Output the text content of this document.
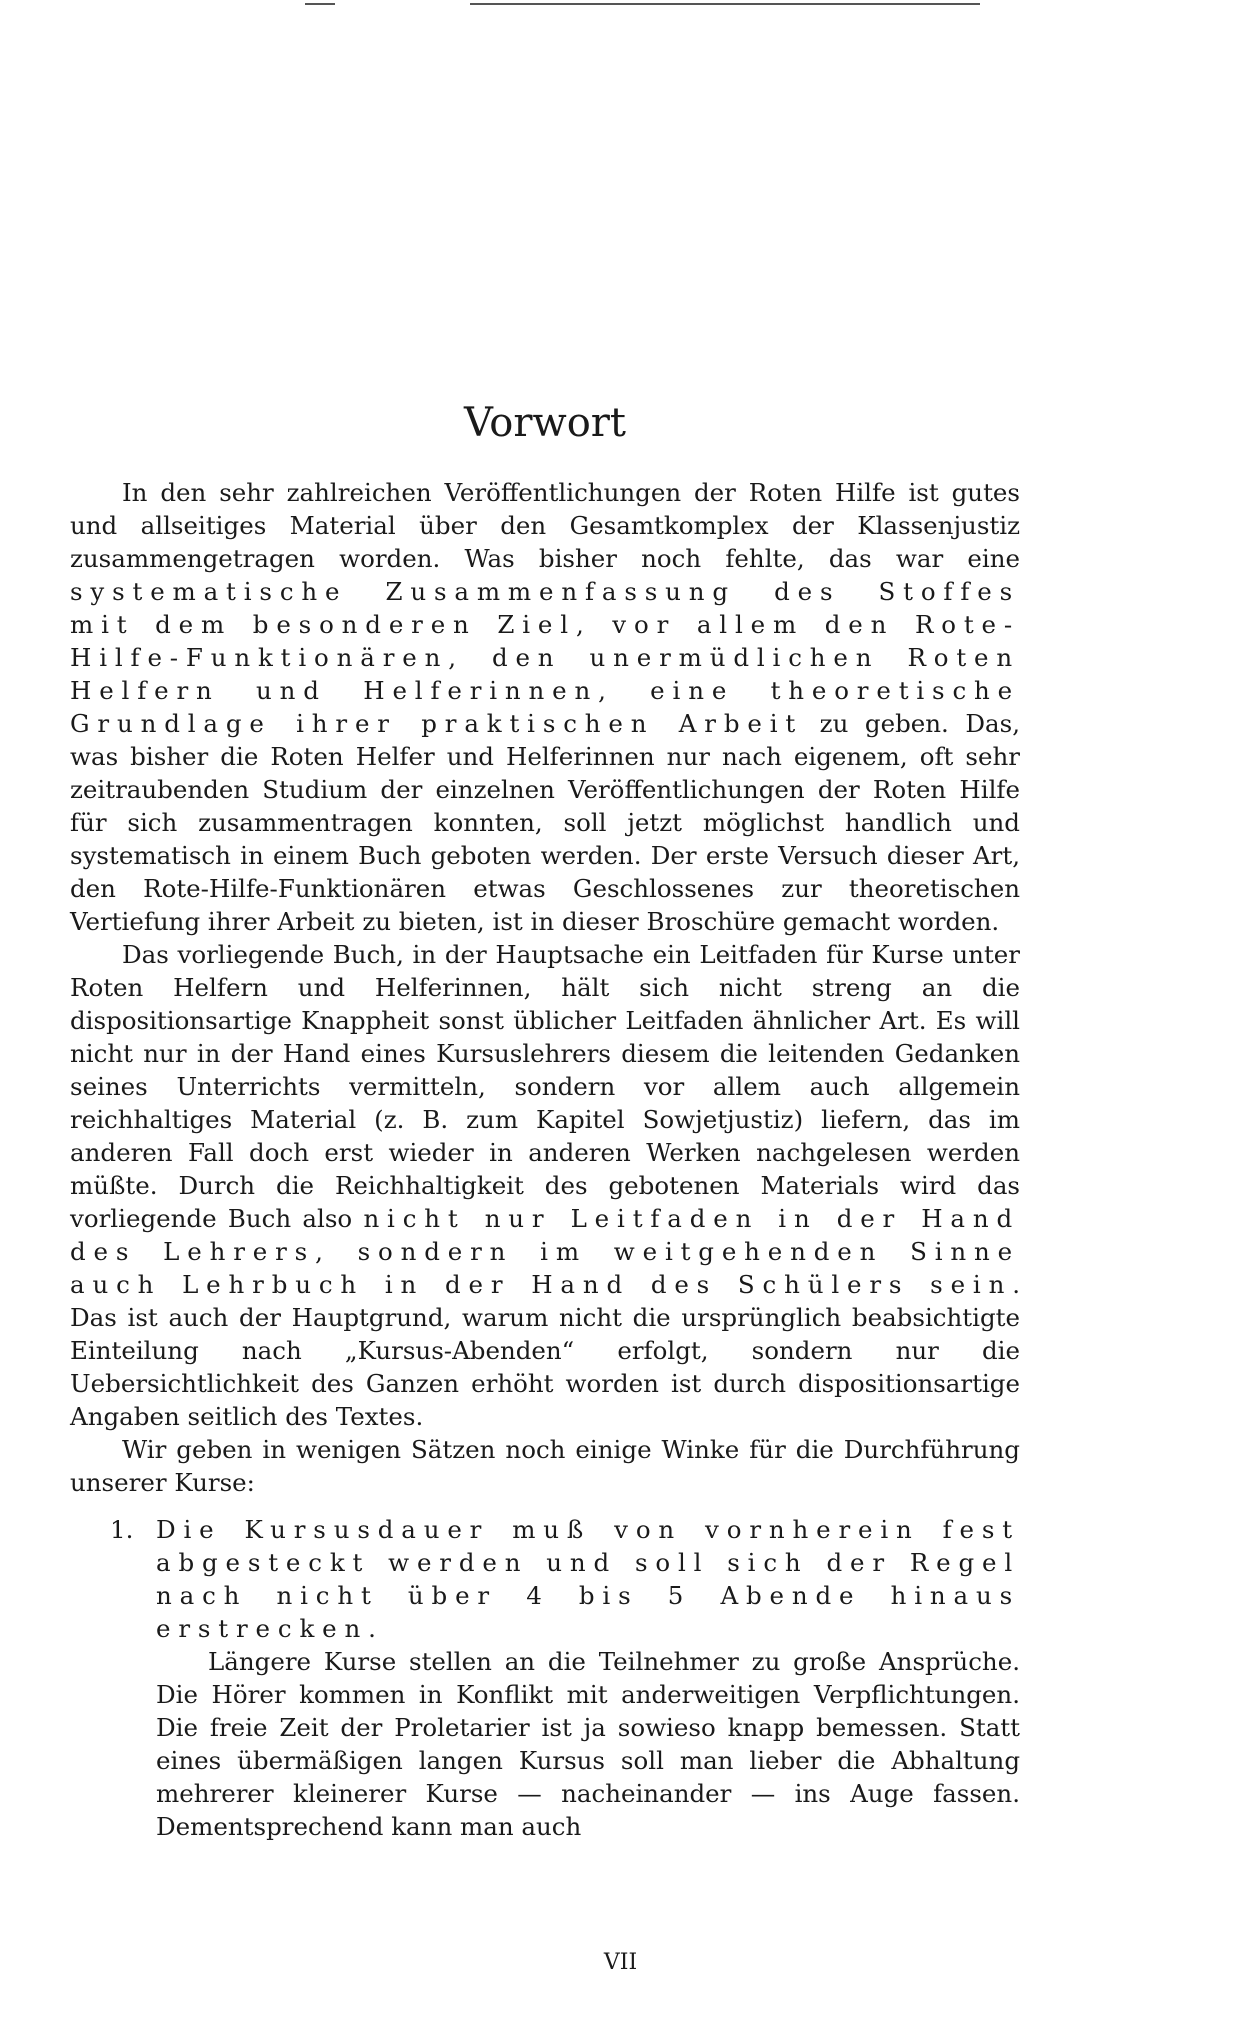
Vorwort

In den sehr zahlreichen Veröffentlichungen der Roten Hilfe ist gutes und allseitiges Material über den Gesamtkomplex der Klassenjustiz zusammengetragen worden. Was bisher noch fehlte, das war eine systematische Zusammenfassung des Stoffes mit dem besonderen Ziel, vor allem den Rote-Hilfe-Funktionären, den unermüdlichen Roten Helfern und Helferinnen, eine theoretische Grundlage ihrer praktischen Arbeit zu geben. Das, was bisher die Roten Helfer und Helferinnen nur nach eigenem, oft sehr zeitraubenden Studium der einzelnen Veröffentlichungen der Roten Hilfe für sich zusammentragen konnten, soll jetzt möglichst handlich und systematisch in einem Buch geboten werden. Der erste Versuch dieser Art, den Rote-Hilfe-Funktionären etwas Geschlossenes zur theoretischen Vertiefung ihrer Arbeit zu bieten, ist in dieser Broschüre gemacht worden.

Das vorliegende Buch, in der Hauptsache ein Leitfaden für Kurse unter Roten Helfern und Helferinnen, hält sich nicht streng an die dispositionsartige Knappheit sonst üblicher Leitfaden ähnlicher Art. Es will nicht nur in der Hand eines Kursuslehrers diesem die leitenden Gedanken seines Unterrichts vermitteln, sondern vor allem auch allgemein reichhaltiges Material (z. B. zum Kapitel Sowjetjustiz) liefern, das im anderen Fall doch erst wieder in anderen Werken nachgelesen werden müßte. Durch die Reichhaltigkeit des gebotenen Materials wird das vorliegende Buch also nicht nur Leitfaden in der Hand des Lehrers, sondern im weitgehenden Sinne auch Lehrbuch in der Hand des Schülers sein. Das ist auch der Hauptgrund, warum nicht die ursprünglich beabsichtigte Einteilung nach „Kursus-Abenden“ erfolgt, sondern nur die Uebersichtlichkeit des Ganzen erhöht worden ist durch dispositionsartige Angaben seitlich des Textes.

Wir geben in wenigen Sätzen noch einige Winke für die Durchführung unserer Kurse:

1. Die Kursusdauer muß von vornherein fest abgesteckt werden und soll sich der Regel nach nicht über 4 bis 5 Abende hinaus erstrecken.

Längere Kurse stellen an die Teilnehmer zu große Ansprüche. Die Hörer kommen in Konflikt mit anderweitigen Verpflichtungen. Die freie Zeit der Proletarier ist ja sowieso knapp bemessen. Statt eines übermäßigen langen Kursus soll man lieber die Abhaltung mehrerer kleinerer Kurse — nacheinander — ins Auge fassen. Dementsprechend kann man auch

VII
